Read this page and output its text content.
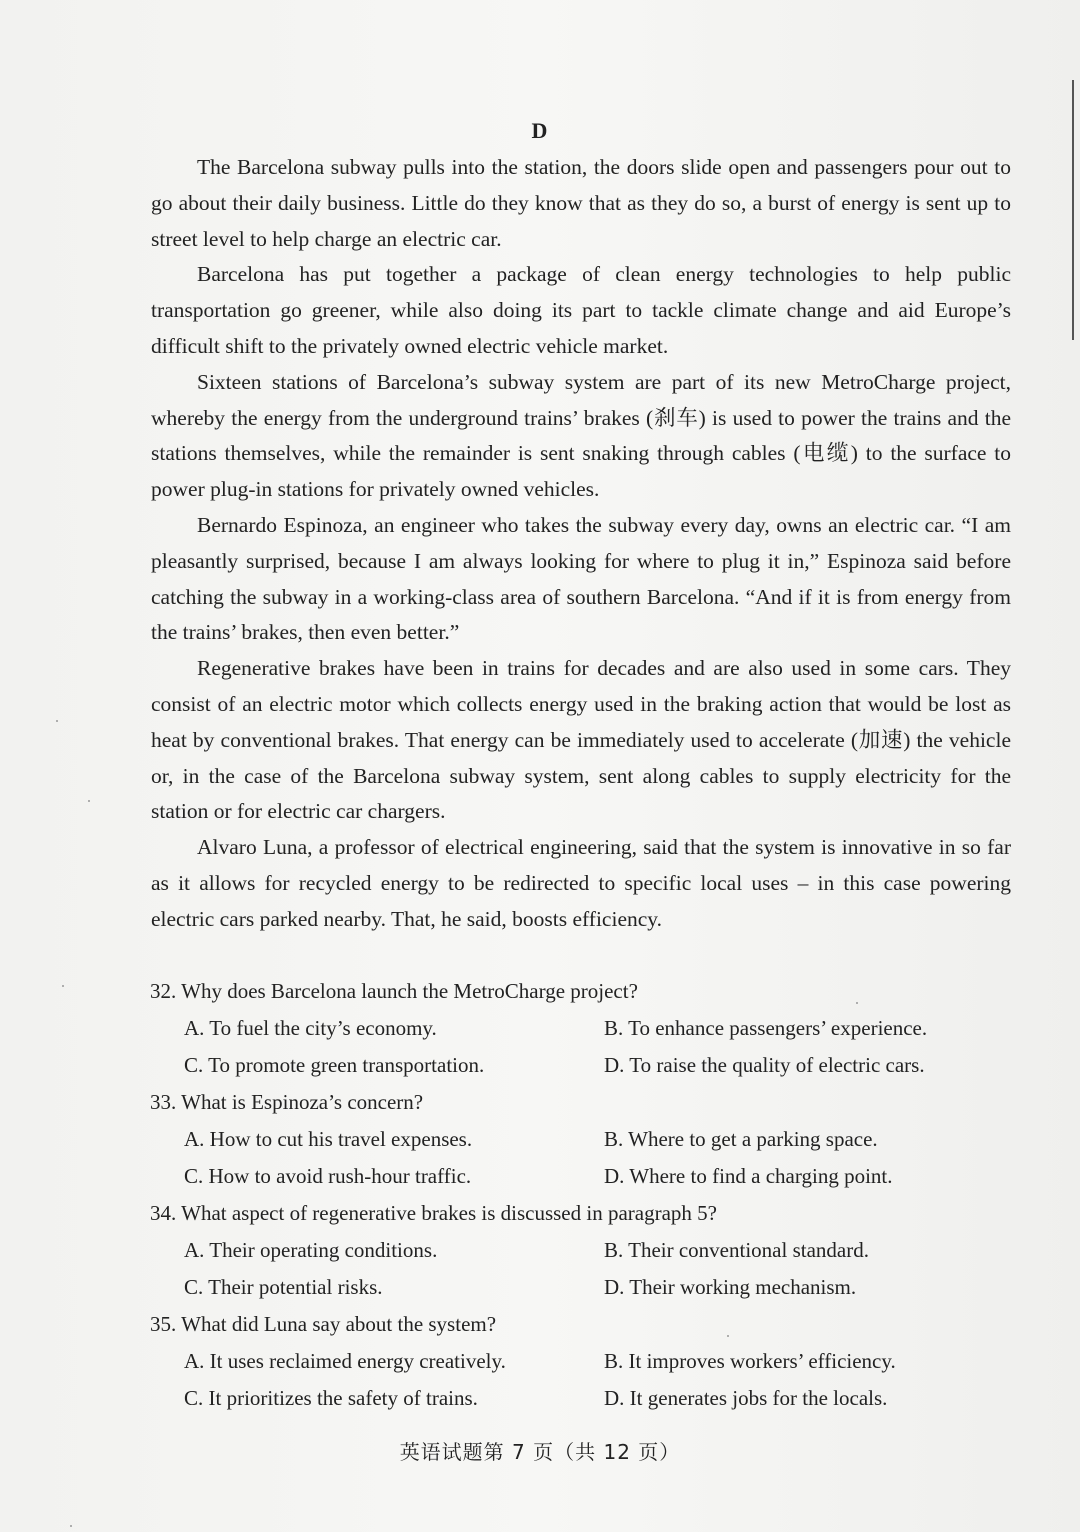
D

The Barcelona subway pulls into the station, the doors slide open and passengers pour out to go about their daily business. Little do they know that as they do so, a burst of energy is sent up to street level to help charge an electric car.

Barcelona has put together a package of clean energy technologies to help public transportation go greener, while also doing its part to tackle climate change and aid Europe’s difficult shift to the privately owned electric vehicle market.

Sixteen stations of Barcelona’s subway system are part of its new MetroCharge project, whereby the energy from the underground trains’ brakes (刹车) is used to power the trains and the stations themselves, while the remainder is sent snaking through cables (电缆) to the surface to power plug-in stations for privately owned vehicles.

Bernardo Espinoza, an engineer who takes the subway every day, owns an electric car. “I am pleasantly surprised, because I am always looking for where to plug it in,” Espinoza said before catching the subway in a working-class area of southern Barcelona. “And if it is from energy from the trains’ brakes, then even better.”

Regenerative brakes have been in trains for decades and are also used in some cars. They consist of an electric motor which collects energy used in the braking action that would be lost as heat by conventional brakes. That energy can be immediately used to accelerate (加速) the vehicle or, in the case of the Barcelona subway system, sent along cables to supply electricity for the station or for electric car chargers.

Alvaro Luna, a professor of electrical engineering, said that the system is innovative in so far as it allows for recycled energy to be redirected to specific local uses – in this case powering electric cars parked nearby. That, he said, boosts efficiency.

32. Why does Barcelona launch the MetroCharge project?

A. To fuel the city’s economy.	B. To enhance passengers’ experience.
C. To promote green transportation.	D. To raise the quality of electric cars.

33. What is Espinoza’s concern?

A. How to cut his travel expenses.	B. Where to get a parking space.
C. How to avoid rush-hour traffic.	D. Where to find a charging point.

34. What aspect of regenerative brakes is discussed in paragraph 5?

A. Their operating conditions.	B. Their conventional standard.
C. Their potential risks.	D. Their working mechanism.

35. What did Luna say about the system?

A. It uses reclaimed energy creatively.	B. It improves workers’ efficiency.
C. It prioritizes the safety of trains.	D. It generates jobs for the locals.
英语试题第 7 页（共 12 页）
